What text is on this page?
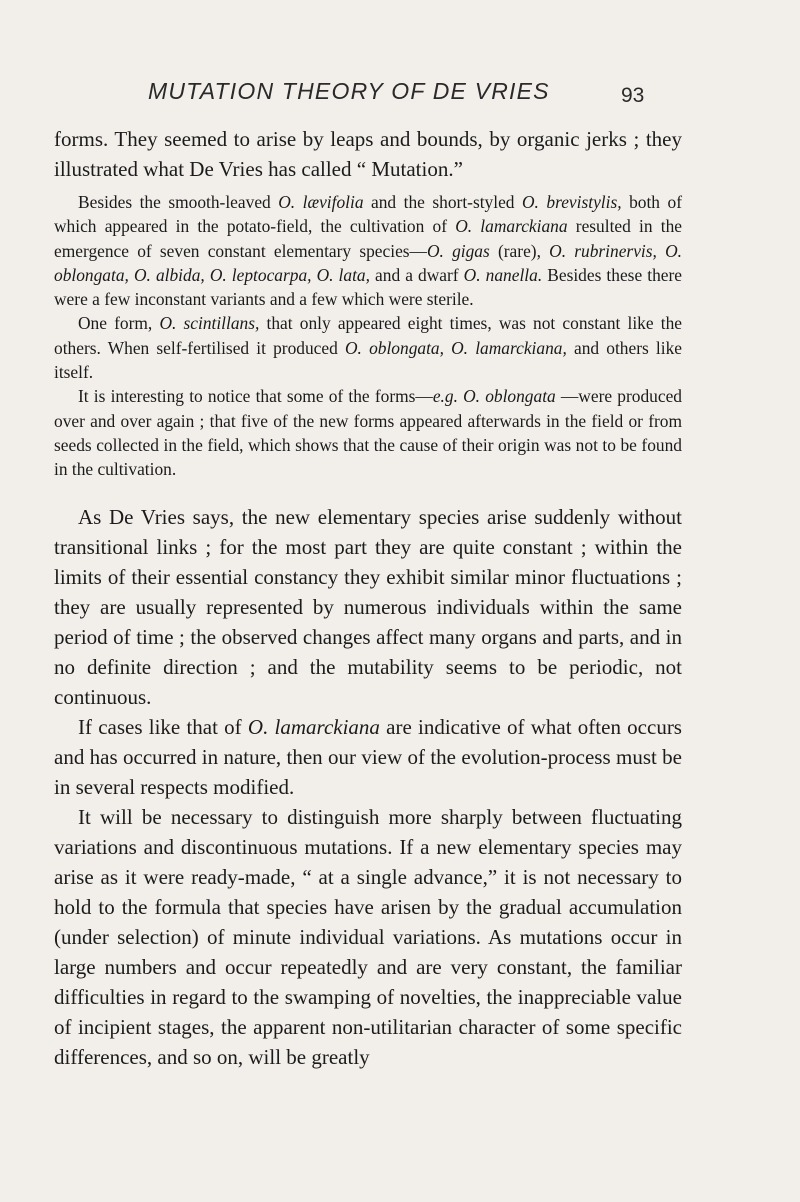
MUTATION THEORY OF DE VRIES	93

forms. They seemed to arise by leaps and bounds, by organic jerks ; they illustrated what De Vries has called “ Mutation.”

Besides the smooth-leaved O. lævifolia and the short-styled O. brevistylis, both of which appeared in the potato-field, the cultivation of O. lamarckiana resulted in the emergence of seven constant elementary species—O. gigas (rare), O. rubrinervis, O. oblongata, O. albida, O. leptocarpa, O. lata, and a dwarf O. nanella. Besides these there were a few inconstant variants and a few which were sterile.

One form, O. scintillans, that only appeared eight times, was not constant like the others. When self-fertilised it produced O. oblongata, O. lamarckiana, and others like itself.

It is interesting to notice that some of the forms—e.g. O. oblongata —were produced over and over again ; that five of the new forms appeared afterwards in the field or from seeds collected in the field, which shows that the cause of their origin was not to be found in the cultivation.

As De Vries says, the new elementary species arise suddenly without transitional links ; for the most part they are quite constant ; within the limits of their essential constancy they exhibit similar minor fluctuations ; they are usually represented by numerous individuals within the same period of time ; the observed changes affect many organs and parts, and in no definite direction ; and the mutability seems to be periodic, not continuous.

If cases like that of O. lamarckiana are indicative of what often occurs and has occurred in nature, then our view of the evolution-process must be in several respects modified.

It will be necessary to distinguish more sharply between fluctuating variations and discontinuous mutations. If a new elementary species may arise as it were ready-made, “ at a single advance,” it is not necessary to hold to the formula that species have arisen by the gradual accumulation (under selection) of minute individual variations. As mutations occur in large numbers and occur repeatedly and are very constant, the familiar difficulties in regard to the swamping of novelties, the inappreciable value of incipient stages, the apparent non-utilitarian character of some specific differences, and so on, will be greatly
